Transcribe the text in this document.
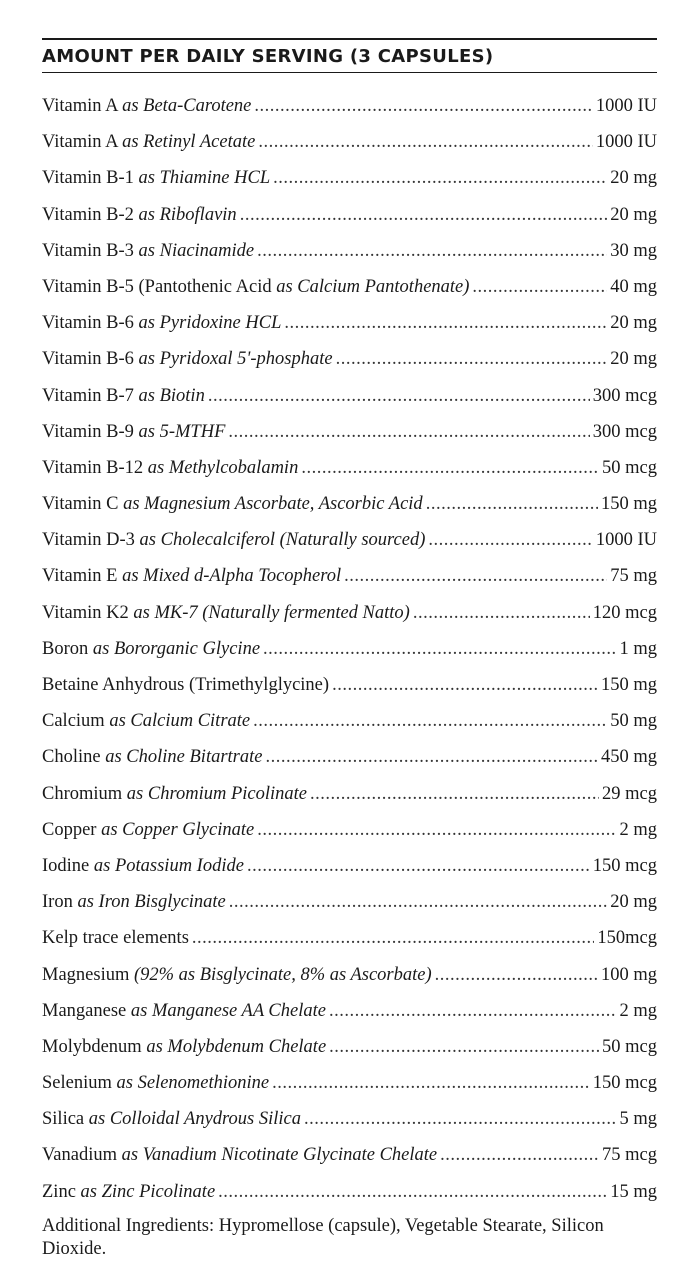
AMOUNT PER DAILY SERVING (3 CAPSULES)
Vitamin A as Beta-Carotene .....	1000 IU
Vitamin A as Retinyl Acetate .....	1000 IU
Vitamin B-1 as Thiamine HCL .....	20 mg
Vitamin B-2 as Riboflavin .....	20 mg
Vitamin B-3 as Niacinamide .....	30 mg
Vitamin B-5 (Pantothenic Acid as Calcium Pantothenate) .....	40 mg
Vitamin B-6 as Pyridoxine HCL .....	20 mg
Vitamin B-6 as Pyridoxal 5'-phosphate .....	20 mg
Vitamin B-7 as Biotin .....	300 mcg
Vitamin B-9 as 5-MTHF .....	300 mcg
Vitamin B-12 as Methylcobalamin .....	50 mcg
Vitamin C as Magnesium Ascorbate, Ascorbic Acid .....	150 mg
Vitamin D-3 as Cholecalciferol (Naturally sourced) .....	1000 IU
Vitamin E as Mixed d-Alpha Tocopherol .....	75 mg
Vitamin K2 as MK-7 (Naturally fermented Natto) .....	120 mcg
Boron as Bororganic Glycine .....	1 mg
Betaine Anhydrous (Trimethylglycine) .....	150 mg
Calcium as Calcium Citrate .....	50 mg
Choline as Choline Bitartrate .....	450 mg
Chromium as Chromium Picolinate .....	29 mcg
Copper as Copper Glycinate .....	2 mg
Iodine as Potassium Iodide .....	150 mcg
Iron as Iron Bisglycinate .....	20 mg
Kelp trace elements .....	150mcg
Magnesium (92% as Bisglycinate, 8% as Ascorbate) .....	100 mg
Manganese as Manganese AA Chelate .....	2 mg
Molybdenum as Molybdenum Chelate .....	50 mcg
Selenium as Selenomethionine .....	150 mcg
Silica as Colloidal Anydrous Silica .....	5 mg
Vanadium as Vanadium Nicotinate Glycinate Chelate .....	75 mcg
Zinc as Zinc Picolinate .....	15 mg
Additional Ingredients: Hypromellose (capsule), Vegetable Stearate, Silicon Dioxide.
